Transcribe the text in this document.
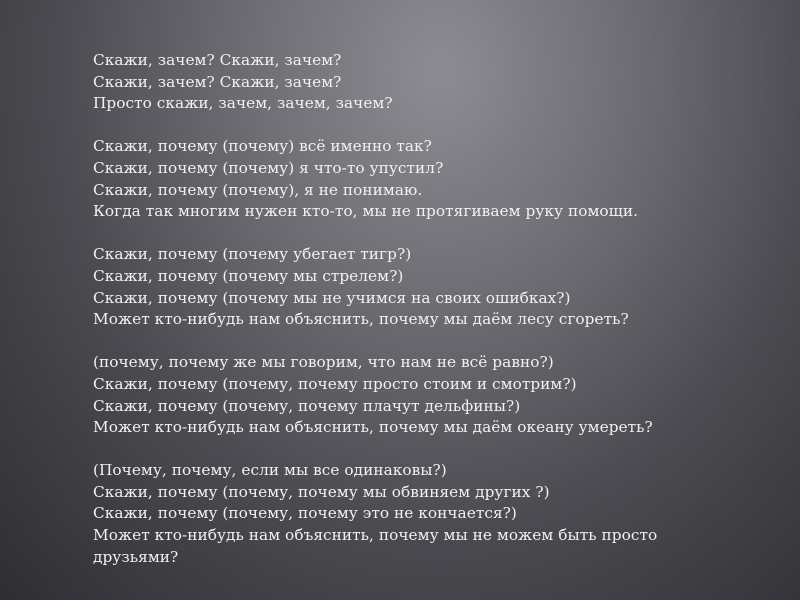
Скажи, зачем? Скажи, зачем?
Скажи, зачем? Скажи, зачем?
Просто скажи, зачем, зачем, зачем?
Скажи, почему (почему) всё именно так?
Скажи, почему (почему) я что-то упустил?
Скажи, почему (почему), я не понимаю.
Когда так многим нужен кто-то, мы не протягиваем руку помощи.
Скажи, почему (почему убегает тигр?)
Скажи, почему (почему мы стрелем?)
Скажи, почему (почему мы не учимся на своих ошибках?)
Может кто-нибудь нам объяснить, почему мы даём лесу сгореть?
(почему, почему же мы говорим, что нам не всё равно?)
Скажи, почему (почему, почему просто стоим и смотрим?)
Скажи, почему (почему, почему плачут дельфины?)
Может кто-нибудь нам объяснить, почему мы даём океану умереть?
(Почему, почему, если мы все одинаковы?)
Скажи, почему (почему, почему мы обвиняем других ?)
Скажи, почему (почему, почему это не кончается?)
Может кто-нибудь нам объяснить, почему мы не можем быть просто
друзьями?
